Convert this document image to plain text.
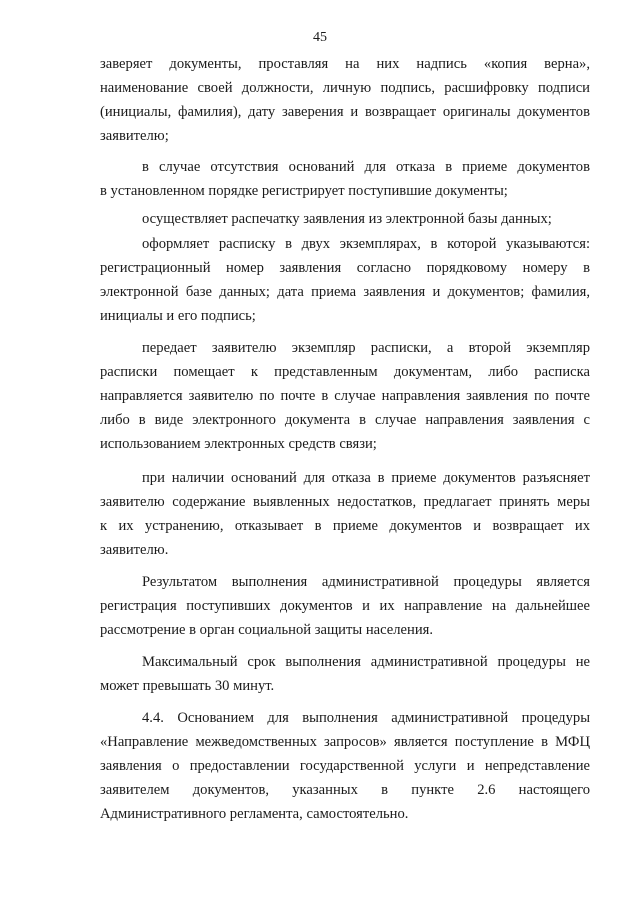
45
заверяет документы, проставляя на них надпись «копия верна»,
наименование своей должности, личную подпись, расшифровку подписи
(инициалы, фамилия), дату заверения и возвращает оригиналы документов
заявителю;
в случае отсутствия оснований для отказа в приеме документов
в установленном порядке регистрирует поступившие документы;
осуществляет распечатку заявления из электронной базы данных;
оформляет расписку в двух экземплярах, в которой указываются:
регистрационный номер заявления согласно порядковому номеру в
электронной базе данных; дата приема заявления и документов; фамилия,
инициалы и его подпись;
передает заявителю экземпляр расписки, а второй экземпляр
расписки помещает к представленным документам, либо расписка
направляется заявителю по почте в случае направления заявления по почте
либо в виде электронного документа в случае направления заявления с
использованием электронных средств связи;
при наличии оснований для отказа в приеме документов разъясняет
заявителю содержание выявленных недостатков, предлагает принять меры
к их устранению, отказывает в приеме документов и возвращает их
заявителю.
Результатом выполнения административной процедуры является
регистрация поступивших документов и их направление на дальнейшее
рассмотрение в орган социальной защиты населения.
Максимальный срок выполнения административной процедуры не
может превышать 30 минут.
4.4. Основанием для выполнения административной процедуры
«Направление межведомственных запросов» является поступление в МФЦ
заявления о предоставлении государственной услуги и непредставление
заявителем документов, указанных в пункте 2.6 настоящего
Административного регламента, самостоятельно.
